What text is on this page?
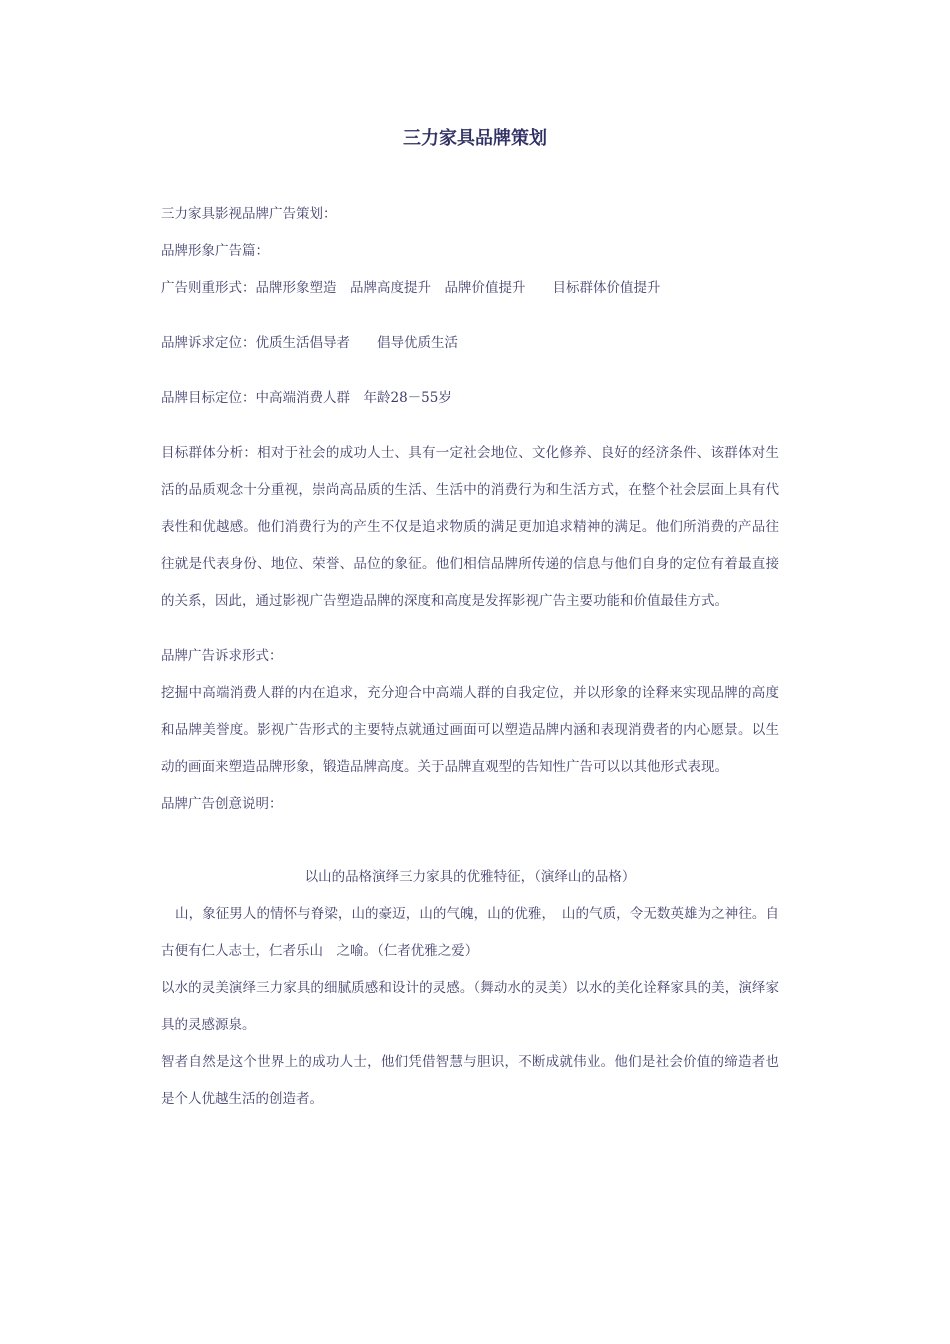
三力家具品牌策划

三力家具影视品牌广告策划：

品牌形象广告篇：

广告则重形式：品牌形象塑造　品牌高度提升　品牌价值提升　　目标群体价值提升

品牌诉求定位：优质生活倡导者　　倡导优质生活

品牌目标定位：中高端消费人群　年龄28－55岁

目标群体分析：相对于社会的成功人士、具有一定社会地位、文化修养、良好的经济条件、该群体对生活的品质观念十分重视，崇尚高品质的生活、生活中的消费行为和生活方式，在整个社会层面上具有代表性和优越感。他们消费行为的产生不仅是追求物质的满足更加追求精神的满足。他们所消费的产品往往就是代表身份、地位、荣誉、品位的象征。他们相信品牌所传递的信息与他们自身的定位有着最直接的关系，因此，通过影视广告塑造品牌的深度和高度是发挥影视广告主要功能和价值最佳方式。

品牌广告诉求形式：

挖掘中高端消费人群的内在追求，充分迎合中高端人群的自我定位，并以形象的诠释来实现品牌的高度和品牌美誉度。影视广告形式的主要特点就通过画面可以塑造品牌内涵和表现消费者的内心愿景。以生动的画面来塑造品牌形象，锻造品牌高度。关于品牌直观型的告知性广告可以以其他形式表现。

品牌广告创意说明：

以山的品格演绎三力家具的优雅特征，（演绎山的品格）

山，象征男人的情怀与脊梁，山的豪迈，山的气魄，山的优雅，　山的气质，令无数英雄为之神往。自古便有仁人志士，仁者乐山　之喻。（仁者优雅之爱）

以水的灵美演绎三力家具的细腻质感和设计的灵感。（舞动水的灵美）以水的美化诠释家具的美，演绎家具的灵感源泉。

智者自然是这个世界上的成功人士，他们凭借智慧与胆识，不断成就伟业。他们是社会价值的缔造者也是个人优越生活的创造者。
